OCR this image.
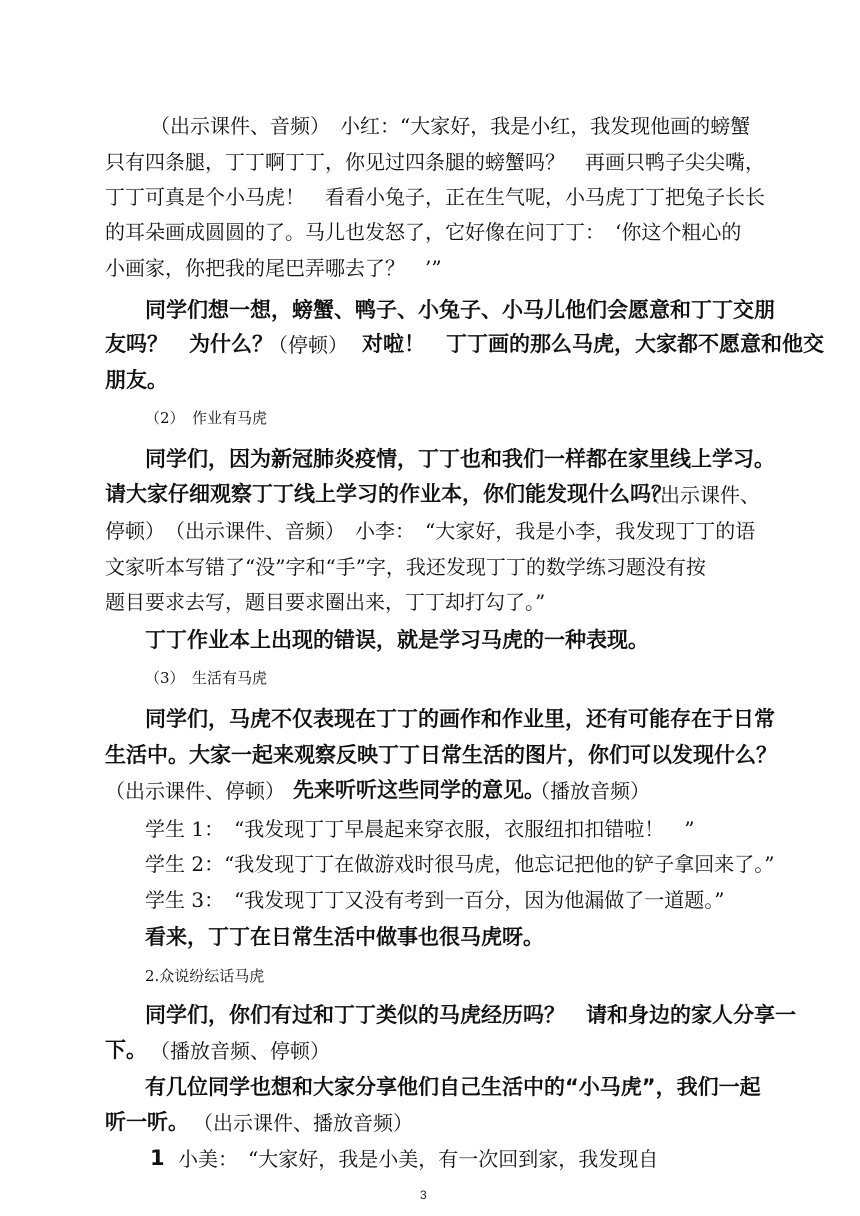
（出示课件、音频）　小红：“大家好，我是小红，我发现他画的螃蟹
只有四条腿，丁丁啊丁丁，你见过四条腿的螃蟹吗？　再画只鸭子尖尖嘴，
丁丁可真是个小马虎！　看看小兔子，正在生气呢，小马虎丁丁把兔子长长
的耳朵画成圆圆的了。马儿也发怒了，它好像在问丁丁：　‘你这个粗心的
小画家，你把我的尾巴弄哪去了？　’”
同学们想一想，螃蟹、鸭子、小兔子、小马儿他们会愿意和丁丁交朋
友吗？　为什么？
（停顿） 对啦！　丁丁画的那么马虎，大家都不愿意和他交
朋友。
（2）　作业有马虎
同学们，因为新冠肺炎疫情，丁丁也和我们一样都在家里线上学习。
请大家仔细观察丁丁线上学习的作业本，你们能发现什么吗？
（出示课件、
停顿）　（出示课件、音频）　小李：　“大家好，我是小李，我发现丁丁的语
文家听本写错了“没”字和“手”字，我还发现丁丁的数学练习题没有按
题目要求去写，题目要求圈出来，丁丁却打勾了。”
丁丁作业本上出现的错误，就是学习马虎的一种表现。
（3）　生活有马虎
同学们，马虎不仅表现在丁丁的画作和作业里，还有可能存在于日常
生活中。大家一起来观察反映丁丁日常生活的图片，你们可以发现什么？
（出示课件、停顿） 先来听听这些同学的意见。
（播放音频）
学生 1：　“我发现丁丁早晨起来穿衣服，衣服纽扣扣错啦！　”
学生 2：“我发现丁丁在做游戏时很马虎，他忘记把他的铲子拿回来了。”
学生 3：　“我发现丁丁又没有考到一百分，因为他漏做了一道题。”
看来，丁丁在日常生活中做事也很马虎呀。
2.众说纷纭话马虎
同学们，你们有过和丁丁类似的马虎经历吗？　请和身边的家人分享一
下。 （播放音频、停顿）
有几位同学也想和大家分享他们自己生活中的“小马虎”，我们一起
听一听。 （出示课件、播放音频）
1 小美：　“大家好，我是小美，有一次回到家，我发现自
3
